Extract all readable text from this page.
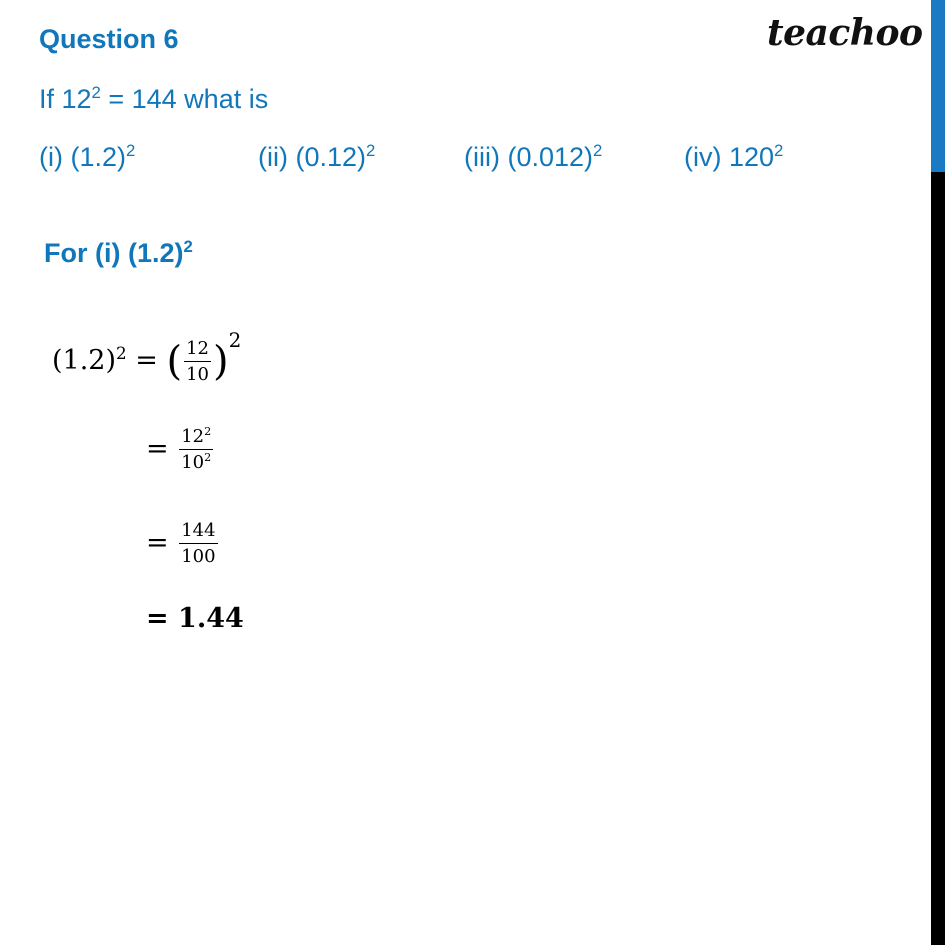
Question 6	teachoo
If $12^2 = 144$ what is
(i) $(1.2)^2$	(ii) $(0.12)^2$	(iii) $(0.012)^2$	(iv) $120^2$
For (i) $(1.2)^2$
$(1.2)^2$ = ( $\frac{12}{10} )^2$
= $\frac{12^2}{10^2}$
= $\frac{144}{100}$
= 1.44
